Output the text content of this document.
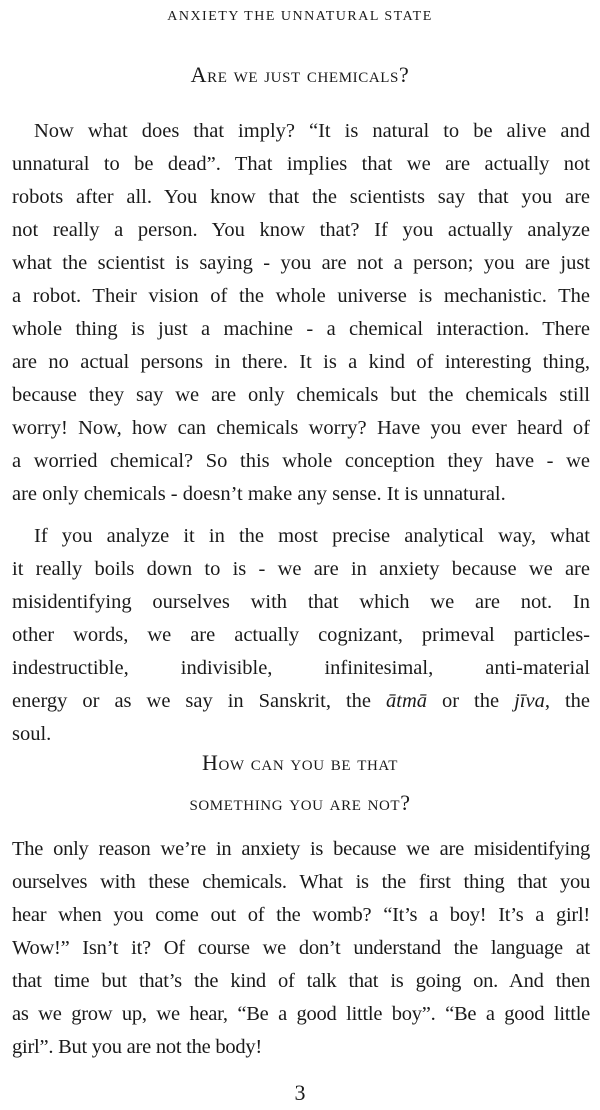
ANXIETY THE UNNATURAL STATE
Are we just chemicals?

Now what does that imply? “It is natural to be alive and
unnatural to be dead”. That implies that we are actually not
robots after all. You know that the scientists say that you are
not really a person. You know that? If you actually analyze
what the scientist is saying - you are not a person; you are just
a robot. Their vision of the whole universe is mechanistic. The
whole thing is just a machine - a chemical interaction. There
are no actual persons in there. It is a kind of interesting thing,
because they say we are only chemicals but the chemicals still
worry! Now, how can chemicals worry? Have you ever heard of
a worried chemical? So this whole conception they have - we
are only chemicals - doesn’t make any sense. It is unnatural.

If you analyze it in the most precise analytical way, what
it really boils down to is - we are in anxiety because we are
misidentifying ourselves with that which we are not. In
other words, we are actually cognizant, primeval particles-
indestructible, indivisible, infinitesimal, anti-material
energy or as we say in Sanskrit, the ātmā or the jīva, the
soul.

How can you be that
something you are not?

The only reason we’re in anxiety is because we are misidentifying
ourselves with these chemicals. What is the first thing that you
hear when you come out of the womb? “It’s a boy! It’s a girl!
Wow!” Isn’t it? Of course we don’t understand the language at
that time but that’s the kind of talk that is going on. And then
as we grow up, we hear, “Be a good little boy”. “Be a good little
girl”. But you are not the body!

3
